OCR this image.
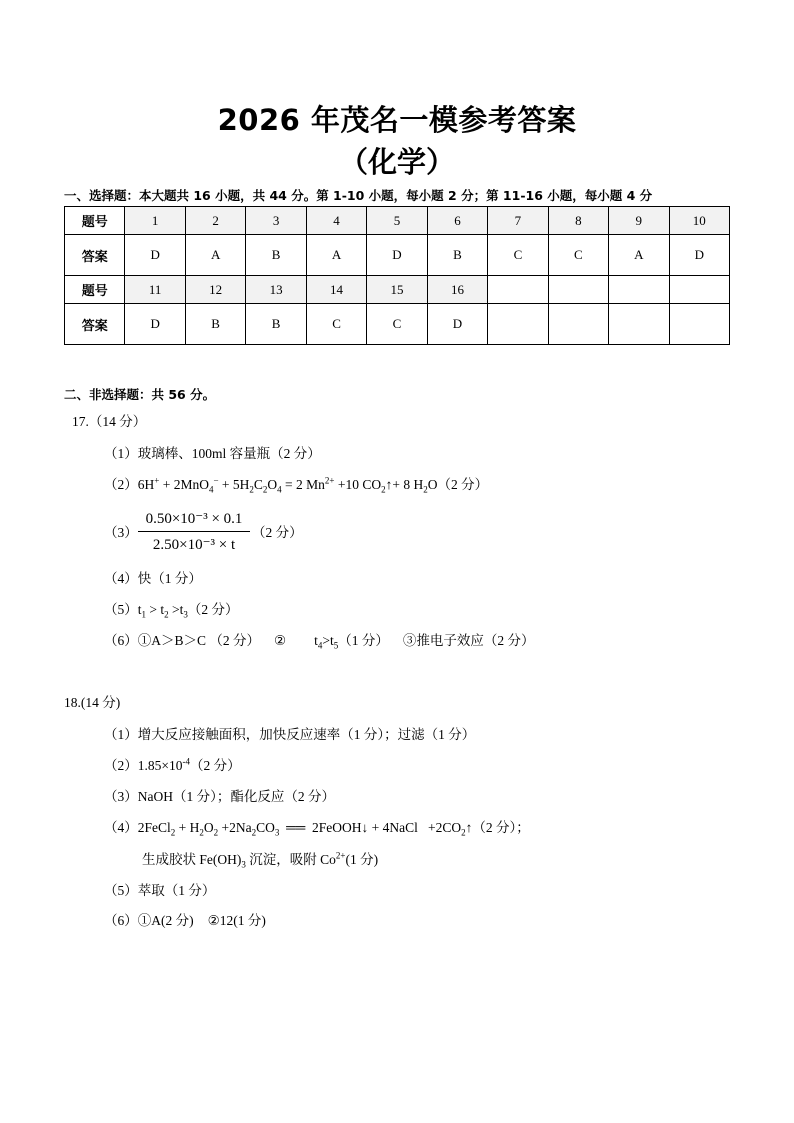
2026 年茂名一模参考答案
（化学）
一、选择题：本大题共 16 小题，共 44 分。第 1-10 小题，每小题 2 分；第 11-16 小题，每小题 4 分
题号	1	2	3	4	5	6	7	8	9	10
答案	D	A	B	A	D	B	C	C	A	D
题号	11	12	13	14	15	16				
答案	D	B	B	C	C	D				
二、非选择题：共 56 分。
17.（14 分）
（1）玻璃棒、100ml 容量瓶（2 分）
$(2)6H^+ + 2MnO_4^- + 5H_2C_2O_4 = 2$ $Mn^{2+} +10$ $CO_2↑+ 8$ $H_2O(2$ 分）
（3）
0.50×10⁻³ × 0.1
2.50×10⁻³ × t
（2 分）
（4）快（1 分）
$(5)t_1 > t_2 >t_3(2$ 分）
（6）①A＞B＞C （2 分） ② $t_4>t_5(1$ 分） ③推电子效应（2 分）
18.(14 分)
（1）增大反应接触面积，加快反应速率（1 分）；过滤（1 分）
$(2)1.85\times 10^{-4}(2$ 分）
（3）NaOH（1 分）；酯化反应（2 分）
（4）2FeCl$_2$ + $H_2O_2 +2Na_2CO_3$  ══  2FeOOH↓ + 4NaCl   $+2CO_2↑(2$ 分）；
生成胶状 $Fe(OH)_3$ 沉淀，吸附 $Co^{2+}(1$ 分)
（5）萃取（1 分）
（6）①A(2 分) ②12(1 分)
